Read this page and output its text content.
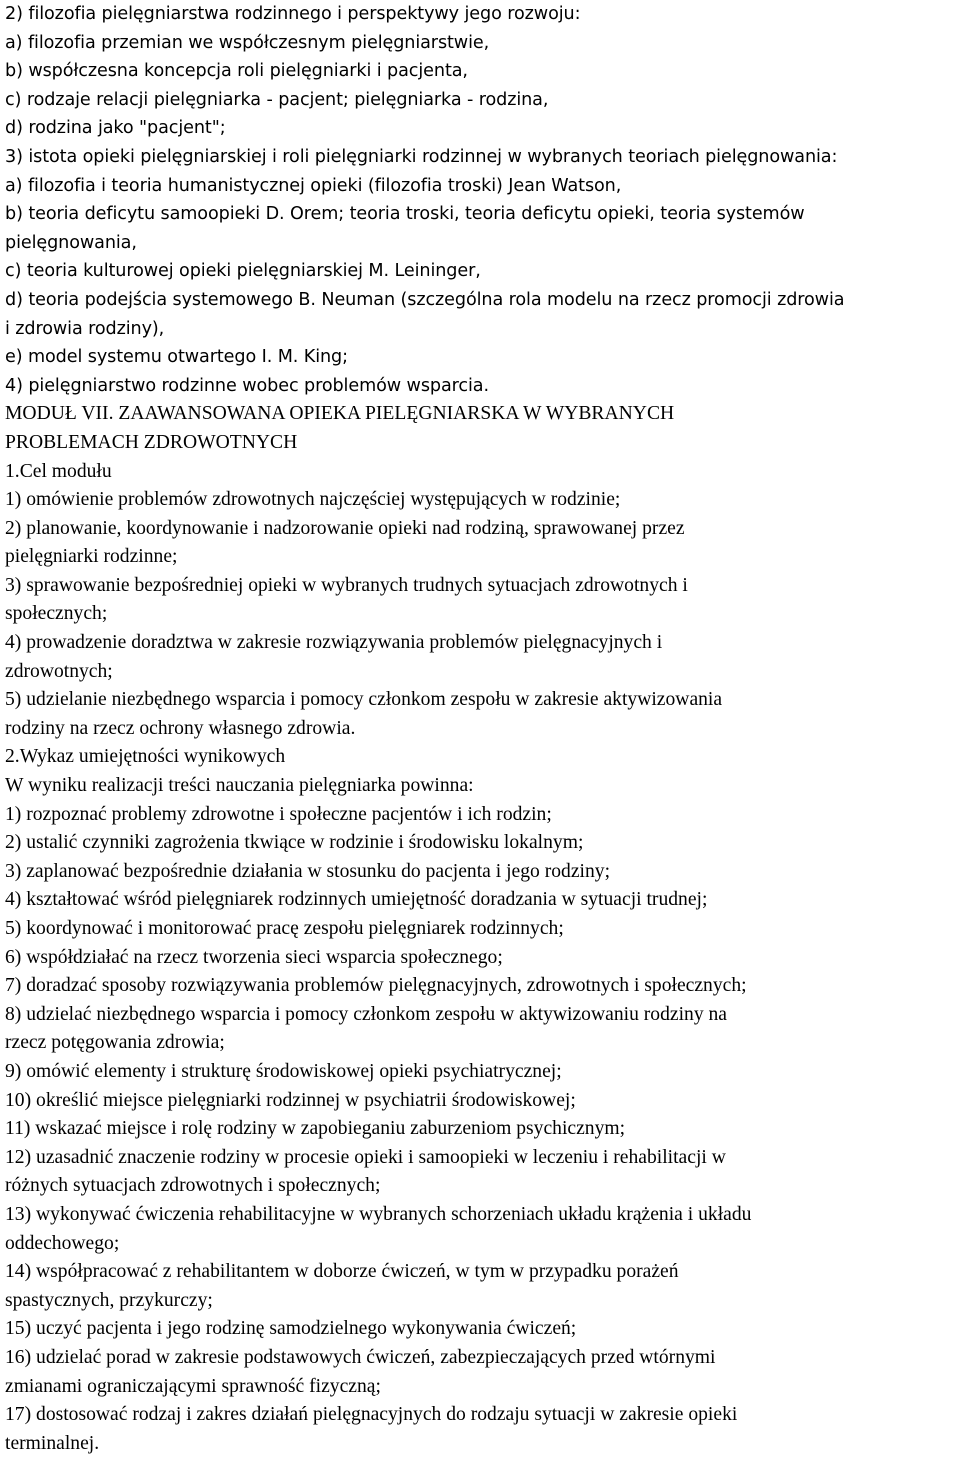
2) filozofia pielęgniarstwa rodzinnego i perspektywy jego rozwoju:
a) filozofia przemian we współczesnym pielęgniarstwie,
b) współczesna koncepcja roli pielęgniarki i pacjenta,
c) rodzaje relacji pielęgniarka - pacjent; pielęgniarka - rodzina,
d) rodzina jako "pacjent";
3) istota opieki pielęgniarskiej i roli pielęgniarki rodzinnej w wybranych teoriach pielęgnowania:
a) filozofia i teoria humanistycznej opieki (filozofia troski) Jean Watson,
b) teoria deficytu samoopieki D. Orem; teoria troski, teoria deficytu opieki, teoria systemów
pielęgnowania,
c) teoria kulturowej opieki pielęgniarskiej M. Leininger,
d) teoria podejścia systemowego B. Neuman (szczególna rola modelu na rzecz promocji zdrowia
i zdrowia rodziny),
e) model systemu otwartego I. M. King;
4) pielęgniarstwo rodzinne wobec problemów wsparcia.
MODUŁ VII. ZAAWANSOWANA OPIEKA PIELĘGNIARSKA W WYBRANYCH
PROBLEMACH ZDROWOTNYCH
1.Cel modułu
1) omówienie problemów zdrowotnych najczęściej występujących w rodzinie;
2) planowanie, koordynowanie i nadzorowanie opieki nad rodziną, sprawowanej przez
pielęgniarki rodzinne;
3) sprawowanie bezpośredniej opieki w wybranych trudnych sytuacjach zdrowotnych i
społecznych;
4) prowadzenie doradztwa w zakresie rozwiązywania problemów pielęgnacyjnych i
zdrowotnych;
5) udzielanie niezbędnego wsparcia i pomocy członkom zespołu w zakresie aktywizowania
rodziny na rzecz ochrony własnego zdrowia.
2.Wykaz umiejętności wynikowych
W wyniku realizacji treści nauczania pielęgniarka powinna:
1) rozpoznać problemy zdrowotne i społeczne pacjentów i ich rodzin;
2) ustalić czynniki zagrożenia tkwiące w rodzinie i środowisku lokalnym;
3) zaplanować bezpośrednie działania w stosunku do pacjenta i jego rodziny;
4) kształtować wśród pielęgniarek rodzinnych umiejętność doradzania w sytuacji trudnej;
5) koordynować i monitorować pracę zespołu pielęgniarek rodzinnych;
6) współdziałać na rzecz tworzenia sieci wsparcia społecznego;
7) doradzać sposoby rozwiązywania problemów pielęgnacyjnych, zdrowotnych i społecznych;
8) udzielać niezbędnego wsparcia i pomocy członkom zespołu w aktywizowaniu rodziny na
rzecz potęgowania zdrowia;
9) omówić elementy i strukturę środowiskowej opieki psychiatrycznej;
10) określić miejsce pielęgniarki rodzinnej w psychiatrii środowiskowej;
11) wskazać miejsce i rolę rodziny w zapobieganiu zaburzeniom psychicznym;
12) uzasadnić znaczenie rodziny w procesie opieki i samoopieki w leczeniu i rehabilitacji w
różnych sytuacjach zdrowotnych i społecznych;
13) wykonywać ćwiczenia rehabilitacyjne w wybranych schorzeniach układu krążenia i układu
oddechowego;
14) współpracować z rehabilitantem w doborze ćwiczeń, w tym w przypadku porażeń
spastycznych, przykurczy;
15) uczyć pacjenta i jego rodzinę samodzielnego wykonywania ćwiczeń;
16) udzielać porad w zakresie podstawowych ćwiczeń, zabezpieczających przed wtórnymi
zmianami ograniczającymi sprawność fizyczną;
17) dostosować rodzaj i zakres działań pielęgnacyjnych do rodzaju sytuacji w zakresie opieki
terminalnej.
